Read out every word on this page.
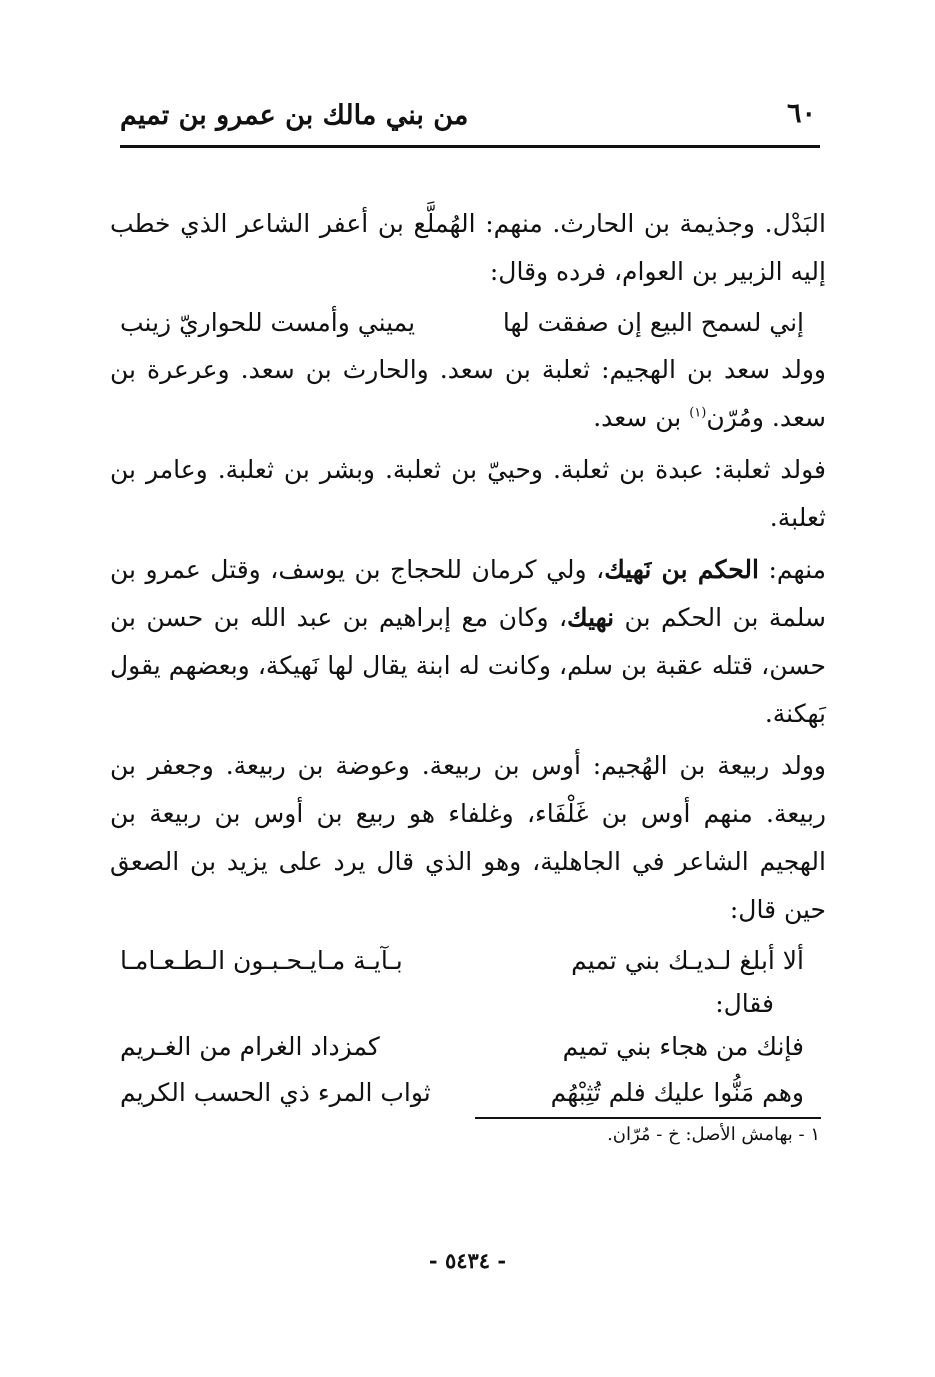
٦٠
من بني مالك بن عمرو بن تميم

البَدْل. وجذيمة بن الحارث. منهم: الهُملَّع بن أعفر الشاعر الذي خطب إليه الزبير بن العوام، فرده وقال:

إني لسمح البيع إن صفقت لها
يميني وأمست للحواريّ زينب

وولد سعد بن الهجيم: ثعلبة بن سعد. والحارث بن سعد. وعرعرة بن سعد. ومُرّن$^{(١)}$ بن سعد.

فولد ثعلبة: عبدة بن ثعلبة. وحييّ بن ثعلبة. وبشر بن ثعلبة. وعامر بن ثعلبة.

منهم: الحكم بن نَهيك، ولي كرمان للحجاج بن يوسف، وقتل عمرو بن سلمة بن الحكم بن نهيك، وكان مع إبراهيم بن عبد الله بن حسن بن حسن، قتله عقبة بن سلم، وكانت له ابنة يقال لها نَهيكة، وبعضهم يقول بَهكنة.

وولد ربيعة بن الهُجيم: أوس بن ربيعة. وعوضة بن ربيعة. وجعفر بن ربيعة. منهم أوس بن غَلْفَاء، وغلفاء هو ربيع بن أوس بن ربيعة بن الهجيم الشاعر في الجاهلية، وهو الذي قال يرد على يزيد بن الصعق حين قال:

ألا أبلغ لـديـك بني تميم
بـآيـة مـايـحـبـون الـطـعـامـا
فقال:
فإنك من هجاء بني تميم
كمزداد الغرام من الغـريم
وهم مَنُّوا عليك فلم تُثِبْهُم
ثواب المرء ذي الحسب الكريم
١ - بهامش الأصل: خ - مُرّان.
- ٥٤٣٤ -
